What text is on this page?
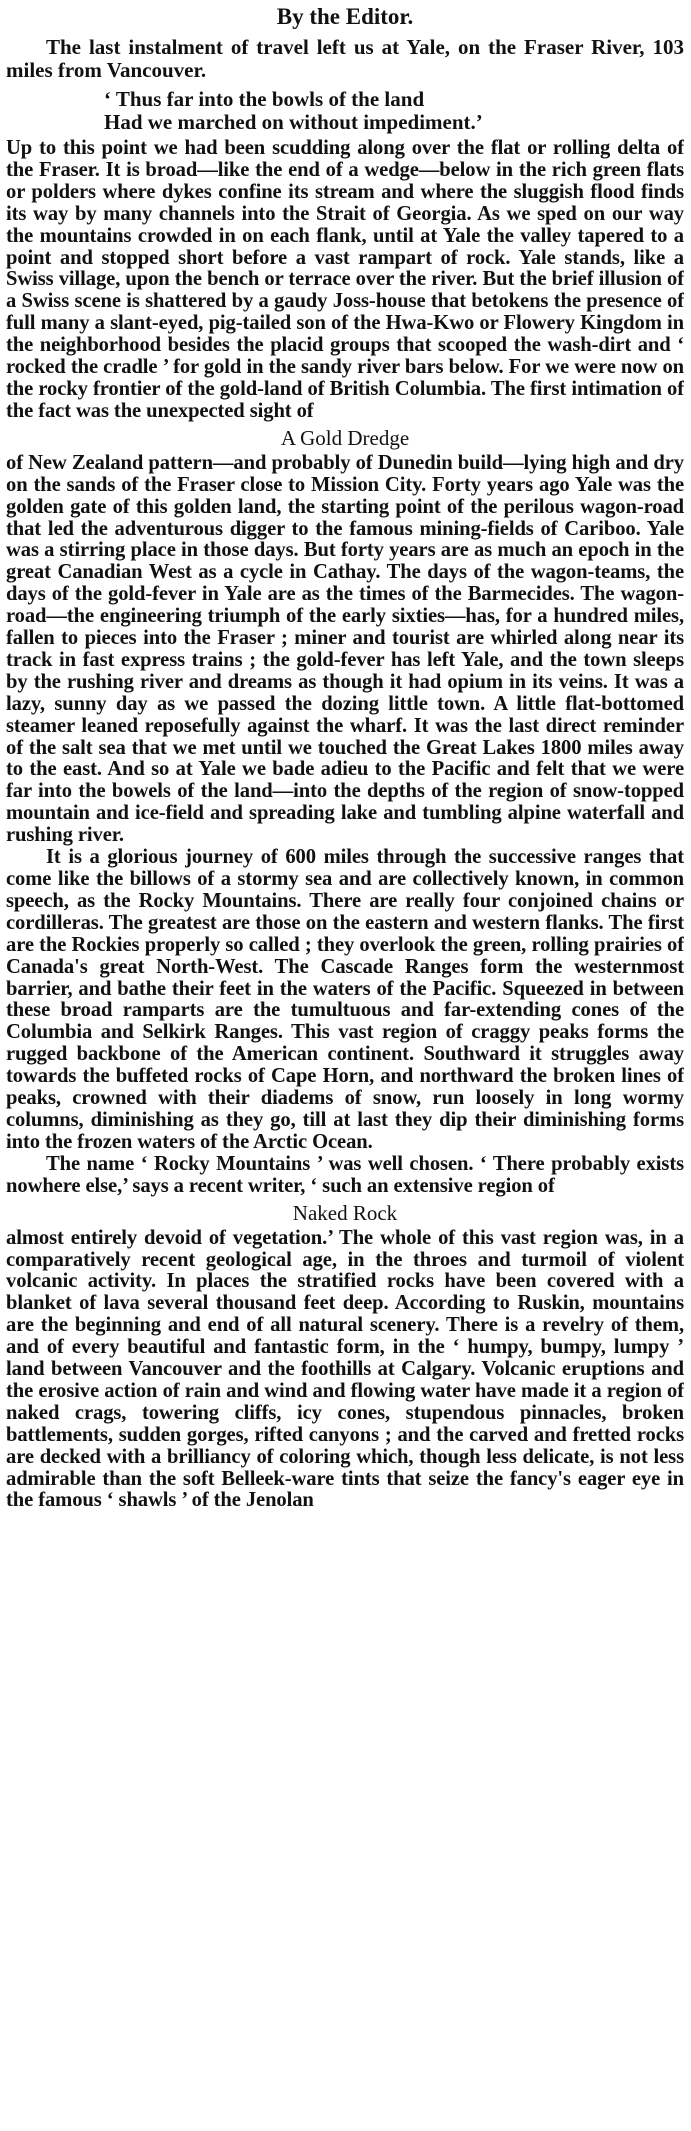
By the Editor.

The last instalment of travel left us at Yale, on the Fraser River, 103 miles from Vancouver.

‘ Thus far into the bowls of the land
Had we marched on without impediment.’

Up to this point we had been scudding along over the flat or rolling delta of the Fraser. It is broad—like the end of a wedge—below in the rich green flats or polders where dykes confine its stream and where the sluggish flood finds its way by many channels into the Strait of Georgia. As we sped on our way the mountains crowded in on each flank, until at Yale the valley tapered to a point and stopped short before a vast rampart of rock. Yale stands, like a Swiss village, upon the bench or terrace over the river. But the brief illusion of a Swiss scene is shattered by a gaudy Joss-house that betokens the presence of full many a slant-eyed, pig-tailed son of the Hwa-Kwo or Flowery Kingdom in the neighborhood besides the placid groups that scooped the wash-dirt and ‘ rocked the cradle ’ for gold in the sandy river bars below. For we were now on the rocky frontier of the gold-land of British Columbia. The first intimation of the fact was the unexpected sight of

A Gold Dredge

of New Zealand pattern—and probably of Dunedin build—lying high and dry on the sands of the Fraser close to Mission City. Forty years ago Yale was the golden gate of this golden land, the starting point of the perilous wagon-road that led the adventurous digger to the famous mining-fields of Cariboo. Yale was a stirring place in those days. But forty years are as much an epoch in the great Canadian West as a cycle in Cathay. The days of the wagon-teams, the days of the gold-fever in Yale are as the times of the Barmecides. The wagon-road—the engineering triumph of the early sixties—has, for a hundred miles, fallen to pieces into the Fraser ; miner and tourist are whirled along near its track in fast express trains ; the gold-fever has left Yale, and the town sleeps by the rushing river and dreams as though it had opium in its veins. It was a lazy, sunny day as we passed the dozing little town. A little flat-bottomed steamer leaned reposefully against the wharf. It was the last direct reminder of the salt sea that we met until we touched the Great Lakes 1800 miles away to the east. And so at Yale we bade adieu to the Pacific and felt that we were far into the bowels of the land—into the depths of the region of snow-topped mountain and ice-field and spreading lake and tumbling alpine waterfall and rushing river.

It is a glorious journey of 600 miles through the successive ranges that come like the billows of a stormy sea and are collectively known, in common speech, as the Rocky Mountains. There are really four conjoined chains or cordilleras. The greatest are those on the eastern and western flanks. The first are the Rockies properly so called ; they overlook the green, rolling prairies of Canada's great North-West. The Cascade Ranges form the westernmost barrier, and bathe their feet in the waters of the Pacific. Squeezed in between these broad ramparts are the tumultuous and far-extending cones of the Columbia and Selkirk Ranges. This vast region of craggy peaks forms the rugged backbone of the American continent. Southward it struggles away towards the buffeted rocks of Cape Horn, and northward the broken lines of peaks, crowned with their diadems of snow, run loosely in long wormy columns, diminishing as they go, till at last they dip their diminishing forms into the frozen waters of the Arctic Ocean.

The name ‘ Rocky Mountains ’ was well chosen. ‘ There probably exists nowhere else,’ says a recent writer, ‘ such an extensive region of

Naked Rock

almost entirely devoid of vegetation.’ The whole of this vast region was, in a comparatively recent geological age, in the throes and turmoil of violent volcanic activity. In places the stratified rocks have been covered with a blanket of lava several thousand feet deep. According to Ruskin, mountains are the beginning and end of all natural scenery. There is a revelry of them, and of every beautiful and fantastic form, in the ‘ humpy, bumpy, lumpy ’ land between Vancouver and the foothills at Calgary. Volcanic eruptions and the erosive action of rain and wind and flowing water have made it a region of naked crags, towering cliffs, icy cones, stupendous pinnacles, broken battlements, sudden gorges, rifted canyons ; and the carved and fretted rocks are decked with a brilliancy of coloring which, though less delicate, is not less admirable than the soft Belleek-ware tints that seize the fancy's eager eye in the famous ‘ shawls ’ of the Jenolan
